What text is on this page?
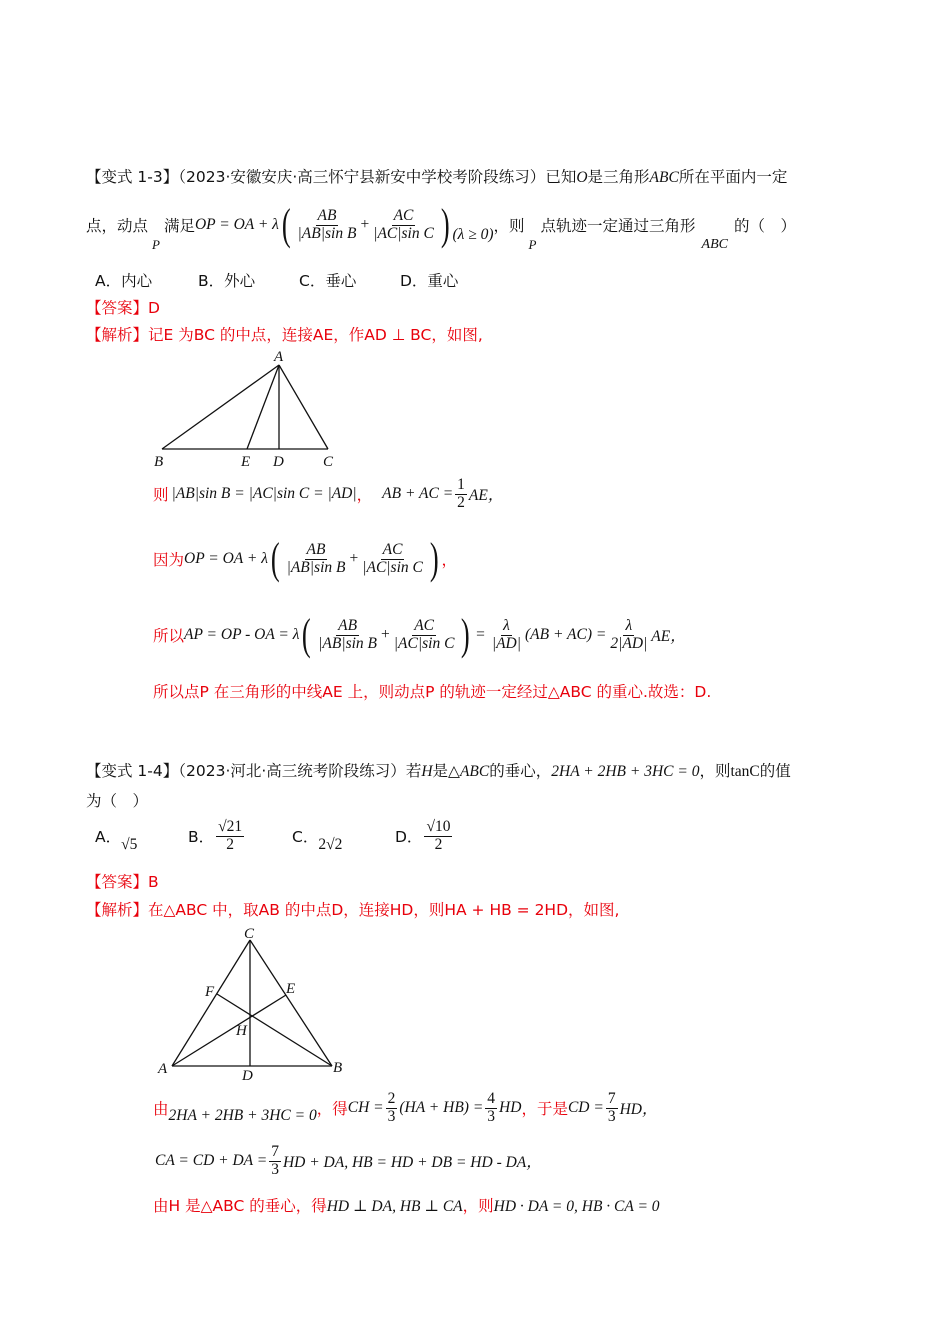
【变式 1-3】（2023·安徽安庆·高三怀宁县新安中学校考阶段练习）已知O是三角形ABC所在平面内一定
点，动点
P
满足 OP = OA + λ ( $\frac{AB}{\text{|AB|sin B}} + \frac{AC}{\text{|AC|sin C}}$ ) (λ ≥ 0) ，则
P
点轨迹一定通过三角形
ABC
的（　）
A．内心	B．外心	C．垂心	D．重心
【答案】D
【解析】记E 为BC 的中点，连接AE，作AD ⊥ BC，如图,
A
B	E D	C
则 |AB|sin B = |AC|sin C = |AD| ， AB + AC = $\frac{1}{2}$ AE，
因为 OP = OA + λ ( $\frac{AB}{\text{|AB|sin B}} + \frac{AC}{\text{|AC|sin C}}$ ) ，
所以 AP = OP - OA = λ ( $\frac{AB}{\text{|AB|sin B}} + \frac{AC}{\text{|AC|sin C}}$ ) = $\frac{\lambda}{|AD|} (AB + AC) = \frac{\lambda}{2|AD|}$ AE，
所以点P 在三角形的中线AE 上，则动点P 的轨迹一定经过△ABC 的重心.故选：D.
【变式 1-4】（2023·河北·高三统考阶段练习）若H是△ABC的垂心，2HA + 2HB + 3HC = 0，则tanC的值
为（　）
A． √5	B． $\frac{√21}{2}$	C． 2√2	D． $\frac{√10}{2}$
【答案】B
【解析】在△ABC 中，取AB 的中点D，连接HD，则HA + HB = 2HD，如图,
C
F	E
H
A	D	B
由 2HA + 2HB + 3HC = 0 ，得 CH = $\frac{2}{3} (HA + HB) = \frac{4}{3}$ HD ，于是 CD = $\frac{7}{3}$ HD，
CA = CD + DA = $\frac{7}{3}$ HD + DA, HB = HD + DB = HD - DA，
由H 是△ABC 的垂心，得HD ⊥ DA, HB ⊥ CA，则HD · DA = 0, HB · CA = 0
